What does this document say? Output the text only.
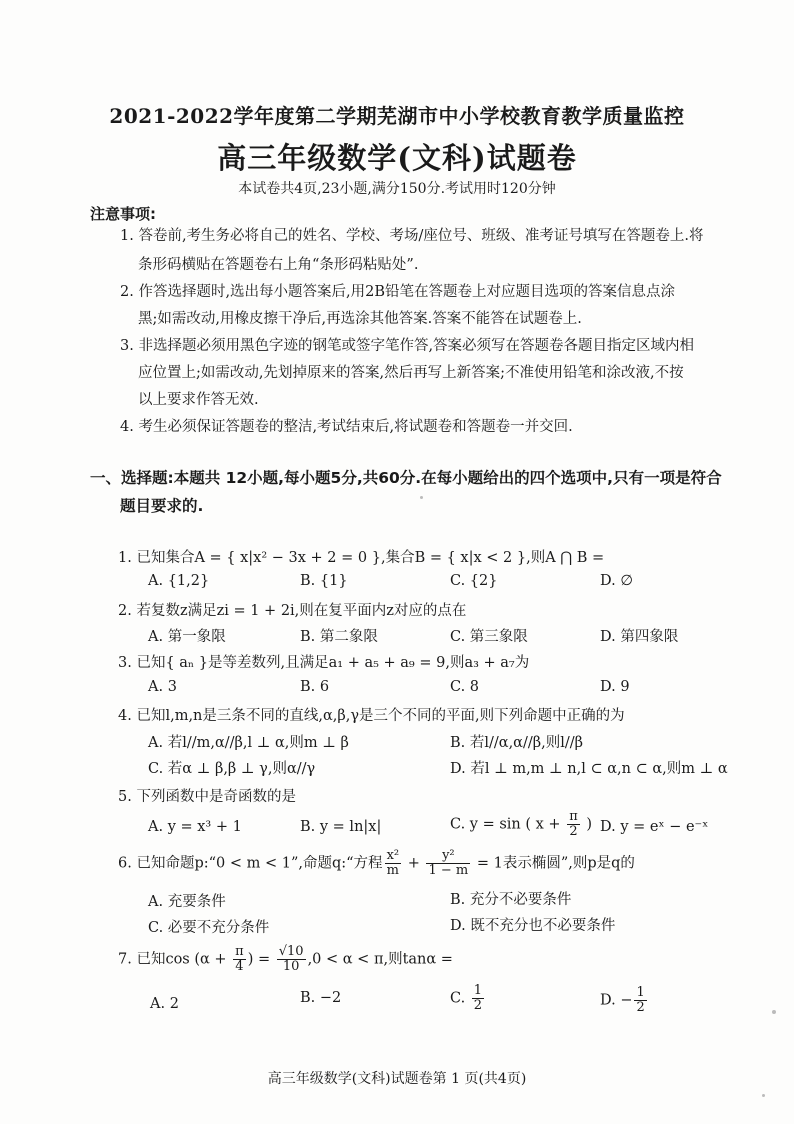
2021-2022学年度第二学期芜湖市中小学校教育教学质量监控
高三年级数学(文科)试题卷
本试卷共4页,23小题,满分150分.考试用时120分钟
注意事项:
1. 答卷前,考生务必将自己的姓名、学校、考场/座位号、班级、准考证号填写在答题卷上.将
条形码横贴在答题卷右上角“条形码粘贴处”.
2. 作答选择题时,选出每小题答案后,用2B铅笔在答题卷上对应题目选项的答案信息点涂
黑;如需改动,用橡皮擦干净后,再选涂其他答案.答案不能答在试题卷上.
3. 非选择题必须用黑色字迹的钢笔或签字笔作答,答案必须写在答题卷各题目指定区域内相
应位置上;如需改动,先划掉原来的答案,然后再写上新答案;不准使用铅笔和涂改液,不按
以上要求作答无效.
4. 考生必须保证答题卷的整洁,考试结束后,将试题卷和答题卷一并交回.
一、选择题:本题共 12小题,每小题5分,共60分.在每小题给出的四个选项中,只有一项是符合
题目要求的.
1. 已知集合A = { x|x² − 3x + 2 = 0 },集合B = { x|x < 2 },则A ⋂ B =
A. {1,2}	B. {1}	C. {2}	D. ∅
2. 若复数z满足zi = 1 + 2i,则在复平面内z对应的点在
A. 第一象限	B. 第二象限	C. 第三象限	D. 第四象限
3. 已知{ aₙ }是等差数列,且满足a₁ + a₅ + a₉ = 9,则a₃ + a₇为
A. 3	B. 6	C. 8	D. 9
4. 已知l,m,n是三条不同的直线,α,β,γ是三个不同的平面,则下列命题中正确的为
A. 若l//m,α//β,l ⊥ α,则m ⊥ β	B. 若l//α,α//β,则l//β
C. 若α ⊥ β,β ⊥ γ,则α//γ	D. 若l ⊥ m,m ⊥ n,l ⊂ α,n ⊂ α,则m ⊥ α
5. 下列函数中是奇函数的是
A. y = x³ + 1	B. y = ln|x|	C. y = sin ( $x + \frac{\pi}{2}$ ) D. y = eˣ − e⁻ˣ
6. 已知命题p:“0 < m < 1”,命题q:“方程 $\frac{\text{x²}}{m} + \frac{\text{y²}}{1 - m} = 1$表示椭圆”,则p是q的
A. 充要条件	B. 充分不必要条件
C. 必要不充分条件	D. 既不充分也不必要条件
7. 已知$\cos (\alpha + \frac{\pi}{4}$ ) = $\frac{√10}{10} ,0 < \alpha < \pi$,则tanα =
A. 2	B. −2	C. $\frac{1}{2}$	D. − $\frac{1}{2}$
高三年级数学(文科)试题卷第 1 页(共4页)
